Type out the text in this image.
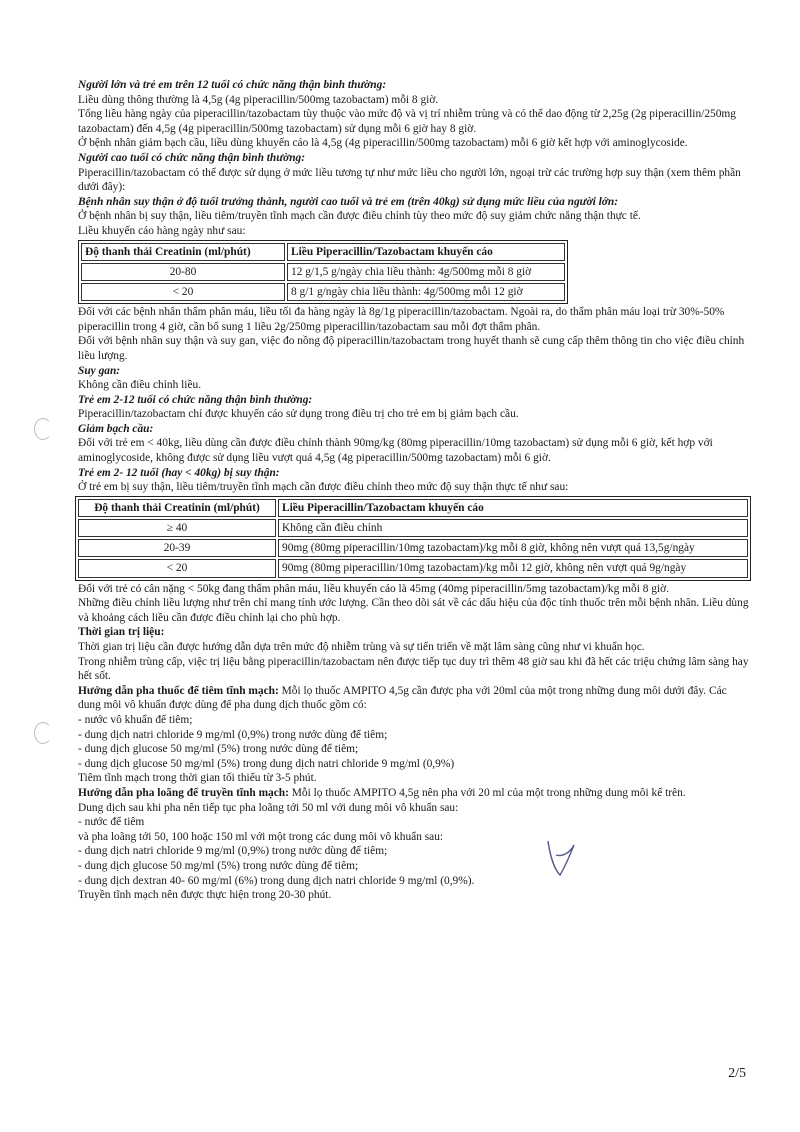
Người lớn và trẻ em trên 12 tuổi có chức năng thận bình thường:

Liều dùng thông thường là 4,5g (4g piperacillin/500mg tazobactam) mỗi 8 giờ.

Tổng liều hàng ngày của piperacillin/tazobactam tùy thuộc vào mức độ và vị trí nhiễm trùng và có thể dao động từ 2,25g (2g piperacillin/250mg tazobactam) đến 4,5g (4g piperacillin/500mg tazobactam) sử dụng mỗi 6 giờ hay 8 giờ.

Ở bệnh nhân giảm bạch cầu, liều dùng khuyến cáo là 4,5g (4g piperacillin/500mg tazobactam) mỗi 6 giờ kết hợp với aminoglycoside.

Người cao tuổi có chức năng thận bình thường:

Piperacillin/tazobactam có thể được sử dụng ở mức liều tương tự như mức liều cho người lớn, ngoại trừ các trường hợp suy thận (xem thêm phần dưới đây):

Bệnh nhân suy thận ở độ tuổi trưởng thành, người cao tuổi và trẻ em (trên 40kg) sử dụng mức liều của người lớn:

Ở bệnh nhân bị suy thận, liều tiêm/truyền tĩnh mạch cần được điều chỉnh tùy theo mức độ suy giảm chức năng thận thực tế.

Liều khuyến cáo hàng ngày như sau:

Độ thanh thải Creatinin (ml/phút)	Liều Piperacillin/Tazobactam khuyến cáo
20-80	12 g/1,5 g/ngày chia liều thành: 4g/500mg mỗi 8 giờ
< 20	8 g/1 g/ngày chia liều thành: 4g/500mg mỗi 12 giờ

Đối với các bệnh nhân thẩm phân máu, liều tối đa hàng ngày là 8g/1g piperacillin/tazobactam. Ngoài ra, do thẩm phân máu loại trừ 30%-50% piperacillin trong 4 giờ, cần bổ sung 1 liều 2g/250mg piperacillin/tazobactam sau mỗi đợt thẩm phân.

Đối với bệnh nhân suy thận và suy gan, việc đo nồng độ piperacillin/tazobactam trong huyết thanh sẽ cung cấp thêm thông tin cho việc điều chỉnh liều lượng.

Suy gan:

Không cần điều chỉnh liều.

Trẻ em 2-12 tuổi có chức năng thận bình thường:

Piperacillin/tazobactam chỉ được khuyến cáo sử dụng trong điều trị cho trẻ em bị giảm bạch cầu.

Giảm bạch cầu:

Đối với trẻ em < 40kg, liều dùng cần được điều chỉnh thành 90mg/kg (80mg piperacillin/10mg tazobactam) sử dụng mỗi 6 giờ, kết hợp với aminoglycoside, không được sử dụng liều vượt quá 4,5g (4g piperacillin/500mg tazobactam) mỗi 6 giờ.

Trẻ em 2- 12 tuổi (hay < 40kg) bị suy thận:

Ở trẻ em bị suy thận, liều tiêm/truyền tĩnh mạch cần được điều chỉnh theo mức độ suy thận thực tế như sau:

Độ thanh thải Creatinin (ml/phút)	Liều Piperacillin/Tazobactam khuyến cáo
≥ 40	Không cần điều chỉnh
20-39	90mg (80mg piperacillin/10mg tazobactam)/kg mỗi 8 giờ, không nên vượt quá 13,5g/ngày
< 20	90mg (80mg piperacillin/10mg tazobactam)/kg mỗi 12 giờ, không nên vượt quá 9g/ngày

Đối với trẻ có cân nặng < 50kg đang thẩm phân máu, liều khuyến cáo là 45mg (40mg piperacillin/5mg tazobactam)/kg mỗi 8 giờ.

Những điều chỉnh liều lượng như trên chỉ mang tính ước lượng. Cần theo dõi sát về các dấu hiệu của độc tính thuốc trên mỗi bệnh nhân. Liều dùng và khoảng cách liều cần được điều chỉnh lại cho phù hợp.

Thời gian trị liệu:

Thời gian trị liệu cần được hướng dẫn dựa trên mức độ nhiễm trùng và sự tiến triển về mặt lâm sàng cũng như vi khuẩn học.

Trong nhiễm trùng cấp, việc trị liệu bằng piperacillin/tazobactam nên được tiếp tục duy trì thêm 48 giờ sau khi đã hết các triệu chứng lâm sàng hay hết sốt.

Hướng dẫn pha thuốc để tiêm tĩnh mạch: Mỗi lọ thuốc AMPITO 4,5g cần được pha với 20ml của một trong những dung môi dưới đây. Các dung môi vô khuẩn được dùng để pha dung dịch thuốc gồm có:

- nước vô khuẩn để tiêm;

- dung dịch natri chloride 9 mg/ml (0,9%) trong nước dùng để tiêm;

- dung dịch glucose 50 mg/ml (5%) trong nước dùng để tiêm;

- dung dịch glucose 50 mg/ml (5%) trong dung dịch natri chloride 9 mg/ml (0,9%)

Tiêm tĩnh mạch trong thời gian tối thiểu từ 3-5 phút.

Hướng dẫn pha loãng để truyền tĩnh mạch: Mỗi lọ thuốc AMPITO 4,5g nên pha với 20 ml của một trong những dung môi kể trên.

Dung dịch sau khi pha nên tiếp tục pha loãng tới 50 ml với dung môi vô khuẩn sau:

- nước để tiêm

và pha loãng tới 50, 100 hoặc 150 ml với một trong các dung môi vô khuẩn sau:

- dung dịch natri chloride 9 mg/ml (0,9%) trong nước dùng để tiêm;

- dung dịch glucose 50 mg/ml (5%) trong nước dùng để tiêm;

- dung dịch dextran 40- 60 mg/ml (6%) trong dung dịch natri chloride 9 mg/ml (0,9%).

Truyền tĩnh mạch nên được thực hiện trong 20-30 phút.

2/5
